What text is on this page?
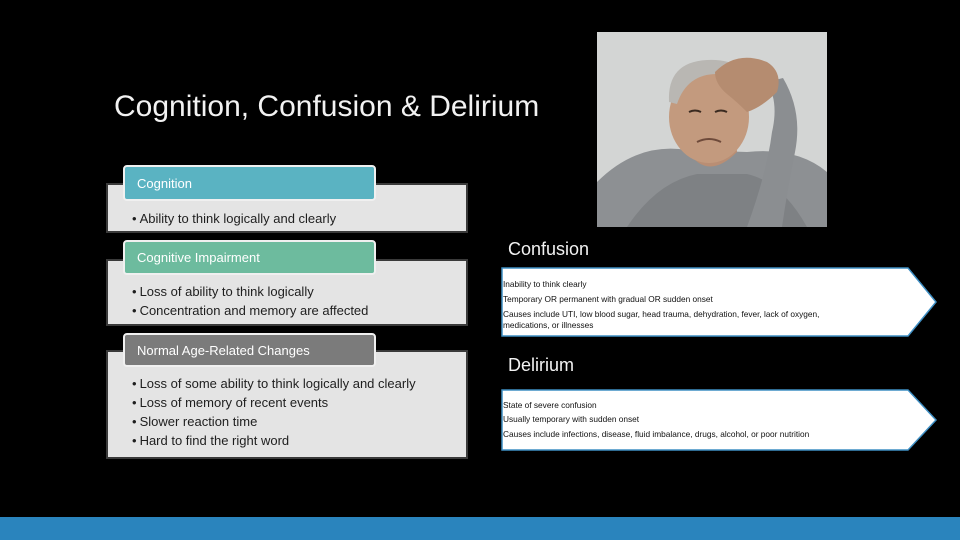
Cognition, Confusion & Delirium
• Ability to think logically and clearly
Cognition
• Loss of ability to think logically
• Concentration and memory are affected
Cognitive Impairment
• Loss of some ability to think logically and clearly
• Loss of memory of recent events
• Slower reaction time
• Hard to find the right word
Normal Age-Related Changes
Confusion
Inability to think clearly
Temporary OR permanent with gradual OR sudden onset
Causes include UTI, low blood sugar, head trauma, dehydration, fever, lack of oxygen,
medications, or illnesses
Delirium
State of severe confusion
Usually temporary with sudden onset
Causes include infections, disease, fluid imbalance, drugs, alcohol, or poor nutrition
